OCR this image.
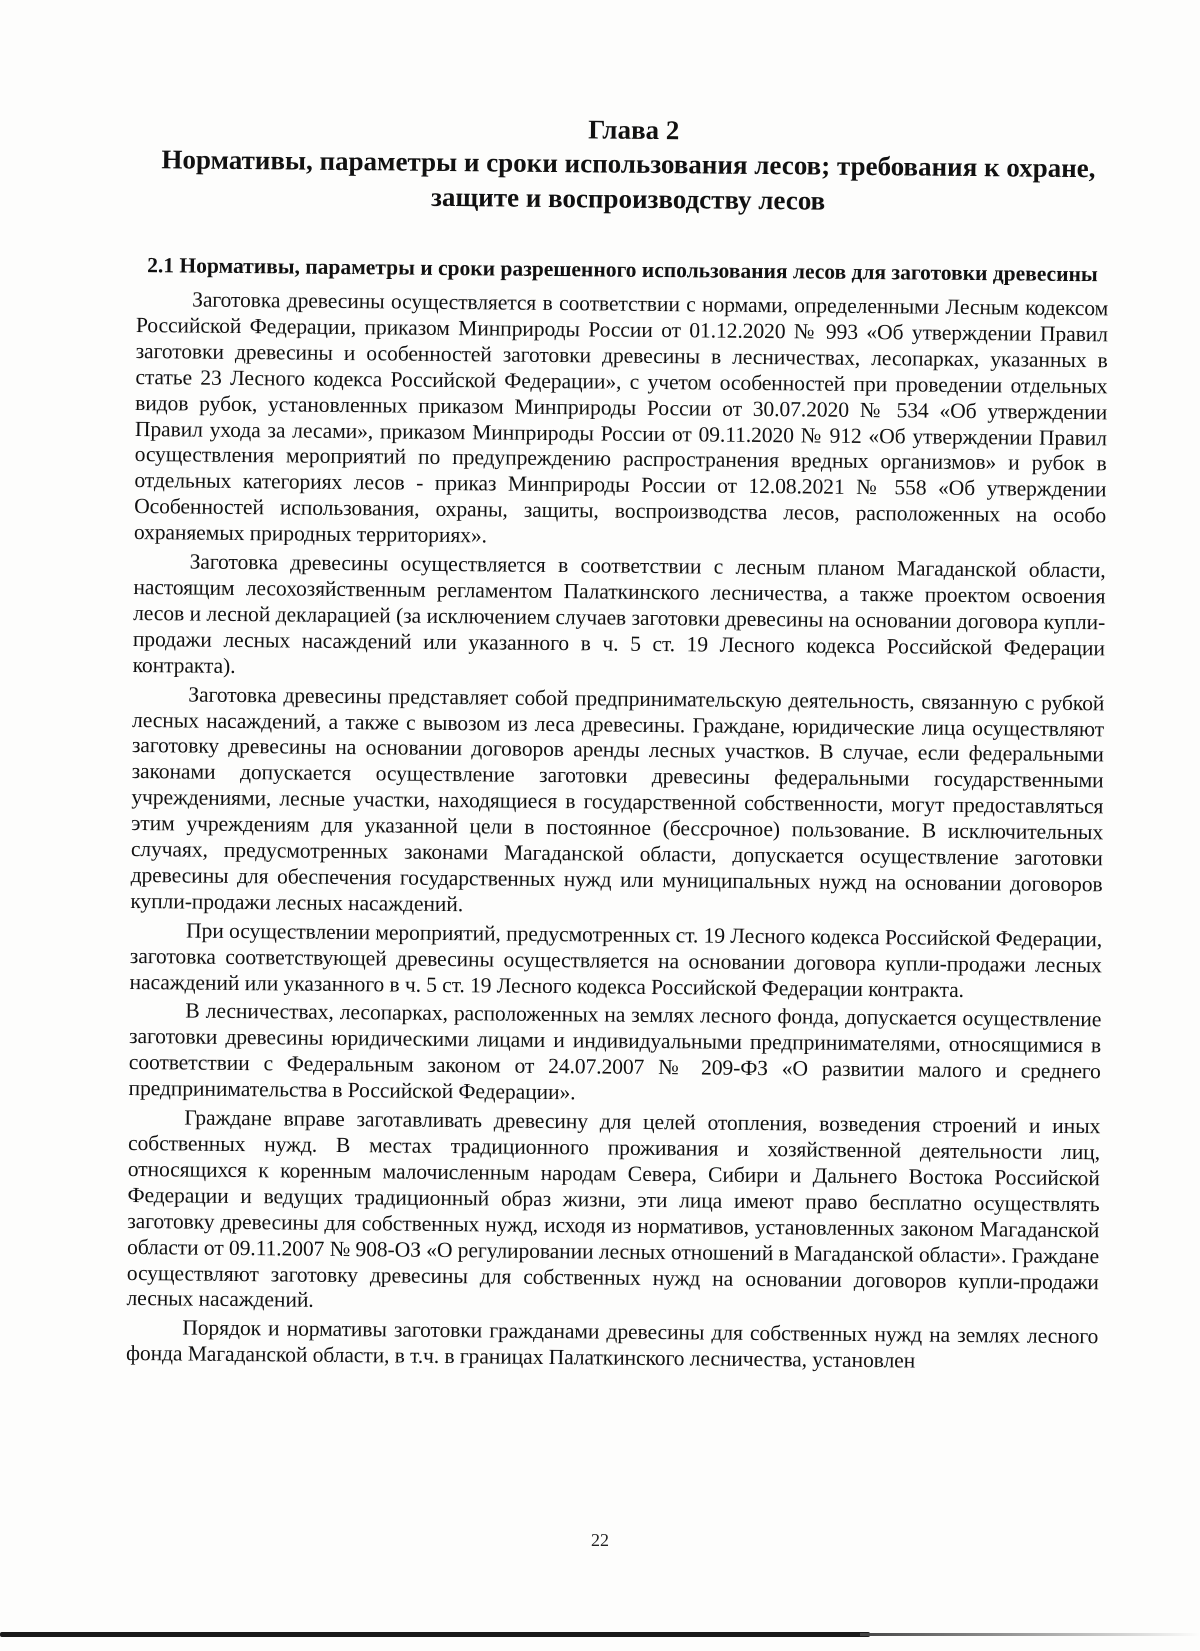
Глава 2
Нормативы, параметры и сроки использования лесов; требования к охране, защите и воспроизводству лесов
2.1 Нормативы, параметры и сроки разрешенного использования лесов для заготовки древесины

Заготовка древесины осуществляется в соответствии с нормами, определенными Лесным кодексом Российской Федерации, приказом Минприроды России от 01.12.2020 № 993 «Об утверждении Правил заготовки древесины и особенностей заготовки древесины в лесничествах, лесопарках, указанных в статье 23 Лесного кодекса Российской Федерации», с учетом особенностей при проведении отдельных видов рубок, установленных приказом Минприроды России от 30.07.2020 № 534 «Об утверждении Правил ухода за лесами», приказом Минприроды России от 09.11.2020 № 912 «Об утверждении Правил осуществления мероприятий по предупреждению распространения вредных организмов» и рубок в отдельных категориях лесов - приказ Минприроды России от 12.08.2021 № 558 «Об утверждении Особенностей использования, охраны, защиты, воспроизводства лесов, расположенных на особо охраняемых природных территориях».

Заготовка древесины осуществляется в соответствии с лесным планом Магаданской области, настоящим лесохозяйственным регламентом Палаткинского лесничества, а также проектом освоения лесов и лесной декларацией (за исключением случаев заготовки древесины на основании договора купли-продажи лесных насаждений или указанного в ч. 5 ст. 19 Лесного кодекса Российской Федерации контракта).

Заготовка древесины представляет собой предпринимательскую деятельность, связанную с рубкой лесных насаждений, а также с вывозом из леса древесины. Граждане, юридические лица осуществляют заготовку древесины на основании договоров аренды лесных участков. В случае, если федеральными законами допускается осуществление заготовки древесины федеральными государственными учреждениями, лесные участки, находящиеся в государственной собственности, могут предоставляться этим учреждениям для указанной цели в постоянное (бессрочное) пользование. В исключительных случаях, предусмотренных законами Магаданской области, допускается осуществление заготовки древесины для обеспечения государственных нужд или муниципальных нужд на основании договоров купли-продажи лесных насаждений.

При осуществлении мероприятий, предусмотренных ст. 19 Лесного кодекса Российской Федерации, заготовка соответствующей древесины осуществляется на основании договора купли-продажи лесных насаждений или указанного в ч. 5 ст. 19 Лесного кодекса Российской Федерации контракта.

В лесничествах, лесопарках, расположенных на землях лесного фонда, допускается осуществление заготовки древесины юридическими лицами и индивидуальными предпринимателями, относящимися в соответствии с Федеральным законом от 24.07.2007 № 209-ФЗ «О развитии малого и среднего предпринимательства в Российской Федерации».

Граждане вправе заготавливать древесину для целей отопления, возведения строений и иных собственных нужд. В местах традиционного проживания и хозяйственной деятельности лиц, относящихся к коренным малочисленным народам Севера, Сибири и Дальнего Востока Российской Федерации и ведущих традиционный образ жизни, эти лица имеют право бесплатно осуществлять заготовку древесины для собственных нужд, исходя из нормативов, установленных законом Магаданской области от 09.11.2007 № 908-ОЗ «О регулировании лесных отношений в Магаданской области». Граждане осуществляют заготовку древесины для собственных нужд на основании договоров купли-продажи лесных насаждений.

Порядок и нормативы заготовки гражданами древесины для собственных нужд на землях лесного фонда Магаданской области, в т.ч. в границах Палаткинского лесничества, установлен

22
